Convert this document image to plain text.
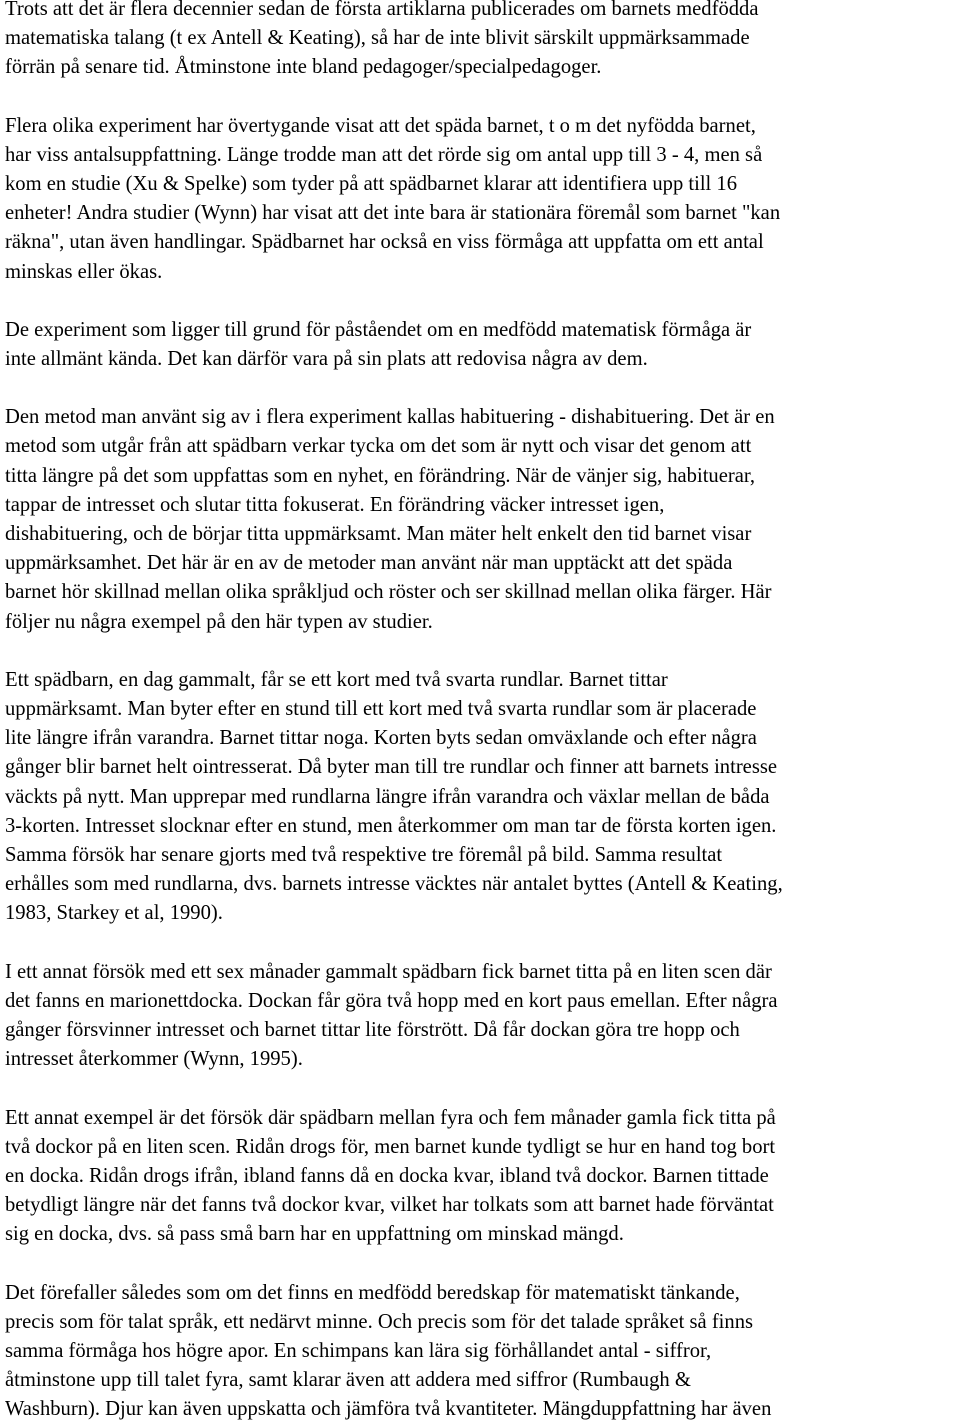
Trots att det är flera decennier sedan de första artiklarna publicerades om barnets medfödda
matematiska talang (t ex Antell & Keating), så har de inte blivit särskilt uppmärksammade
förrän på senare tid. Åtminstone inte bland pedagoger/specialpedagoger.
Flera olika experiment har övertygande visat att det späda barnet, t o m det nyfödda barnet,
har viss antalsuppfattning. Länge trodde man att det rörde sig om antal upp till 3 - 4, men så
kom en studie (Xu & Spelke) som tyder på att spädbarnet klarar att identifiera upp till 16
enheter! Andra studier (Wynn) har visat att det inte bara är stationära föremål som barnet "kan
räkna", utan även handlingar. Spädbarnet har också en viss förmåga att uppfatta om ett antal
minskas eller ökas.
De experiment som ligger till grund för påståendet om en medfödd matematisk förmåga är
inte allmänt kända. Det kan därför vara på sin plats att redovisa några av dem.
Den metod man använt sig av i flera experiment kallas habituering - dishabituering. Det är en
metod som utgår från att spädbarn verkar tycka om det som är nytt och visar det genom att
titta längre på det som uppfattas som en nyhet, en förändring. När de vänjer sig, habituerar,
tappar de intresset och slutar titta fokuserat. En förändring väcker intresset igen,
dishabituering, och de börjar titta uppmärksamt. Man mäter helt enkelt den tid barnet visar
uppmärksamhet. Det här är en av de metoder man använt när man upptäckt att det späda
barnet hör skillnad mellan olika språkljud och röster och ser skillnad mellan olika färger. Här
följer nu några exempel på den här typen av studier.
Ett spädbarn, en dag gammalt, får se ett kort med två svarta rundlar. Barnet tittar
uppmärksamt. Man byter efter en stund till ett kort med två svarta rundlar som är placerade
lite längre ifrån varandra. Barnet tittar noga. Korten byts sedan omväxlande och efter några
gånger blir barnet helt ointresserat. Då byter man till tre rundlar och finner att barnets intresse
väckts på nytt. Man upprepar med rundlarna längre ifrån varandra och växlar mellan de båda
3-korten. Intresset slocknar efter en stund, men återkommer om man tar de första korten igen.
Samma försök har senare gjorts med två respektive tre föremål på bild. Samma resultat
erhålles som med rundlarna, dvs. barnets intresse väcktes när antalet byttes (Antell & Keating,
1983, Starkey et al, 1990).
I ett annat försök med ett sex månader gammalt spädbarn fick barnet titta på en liten scen där
det fanns en marionettdocka. Dockan får göra två hopp med en kort paus emellan. Efter några
gånger försvinner intresset och barnet tittar lite förstrött. Då får dockan göra tre hopp och
intresset återkommer (Wynn, 1995).
Ett annat exempel är det försök där spädbarn mellan fyra och fem månader gamla fick titta på
två dockor på en liten scen. Ridån drogs för, men barnet kunde tydligt se hur en hand tog bort
en docka. Ridån drogs ifrån, ibland fanns då en docka kvar, ibland två dockor. Barnen tittade
betydligt längre när det fanns två dockor kvar, vilket har tolkats som att barnet hade förväntat
sig en docka, dvs. så pass små barn har en uppfattning om minskad mängd.
Det förefaller således som om det finns en medfödd beredskap för matematiskt tänkande,
precis som för talat språk, ett nedärvt minne. Och precis som för det talade språket så finns
samma förmåga hos högre apor. En schimpans kan lära sig förhållandet antal - siffror,
åtminstone upp till talet fyra, samt klarar även att addera med siffror (Rumbaugh &
Washburn). Djur kan även uppskatta och jämföra två kvantiteter. Mängduppfattning har även
